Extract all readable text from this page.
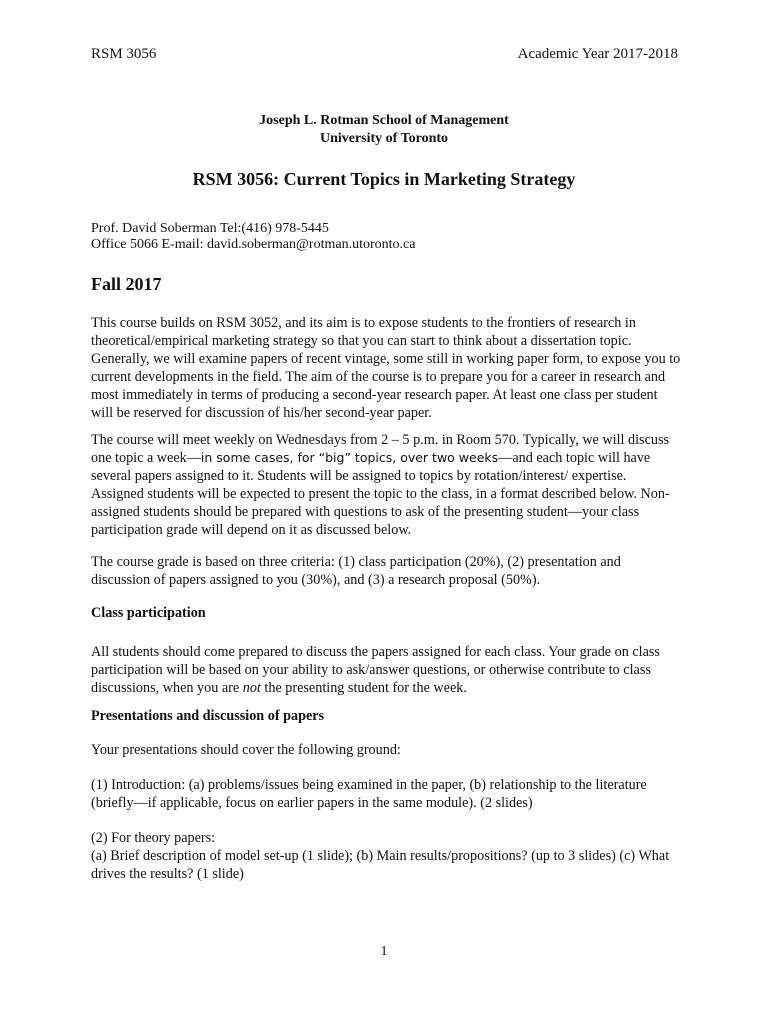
RSM 3056	Academic Year 2017-2018
Joseph L. Rotman School of Management
University of Toronto
RSM 3056: Current Topics in Marketing Strategy
Prof. David Soberman Tel:(416) 978-5445
Office 5066 E-mail: david.soberman@rotman.utoronto.ca
Fall 2017

This course builds on RSM 3052, and its aim is to expose students to the frontiers of research in theoretical/empirical marketing strategy so that you can start to think about a dissertation topic. Generally, we will examine papers of recent vintage, some still in working paper form, to expose you to current developments in the field. The aim of the course is to prepare you for a career in research and most immediately in terms of producing a second-year research paper. At least one class per student will be reserved for discussion of his/her second-year paper.

The course will meet weekly on Wednesdays from 2 – 5 p.m. in Room 570. Typically, we will discuss one topic a week—in some cases, for “big” topics, over two weeks—and each topic will have several papers assigned to it. Students will be assigned to topics by rotation/interest/ expertise. Assigned students will be expected to present the topic to the class, in a format described below. Non-assigned students should be prepared with questions to ask of the presenting student—your class participation grade will depend on it as discussed below.

The course grade is based on three criteria: (1) class participation (20%), (2) presentation and discussion of papers assigned to you (30%), and (3) a research proposal (50%).

Class participation

All students should come prepared to discuss the papers assigned for each class. Your grade on class participation will be based on your ability to ask/answer questions, or otherwise contribute to class discussions, when you are not the presenting student for the week.

Presentations and discussion of papers

Your presentations should cover the following ground:

(1) Introduction: (a) problems/issues being examined in the paper, (b) relationship to the literature (briefly—if applicable, focus on earlier papers in the same module). (2 slides)

(2) For theory papers:

(a) Brief description of model set-up (1 slide); (b) Main results/propositions? (up to 3 slides) (c) What drives the results? (1 slide)

1
